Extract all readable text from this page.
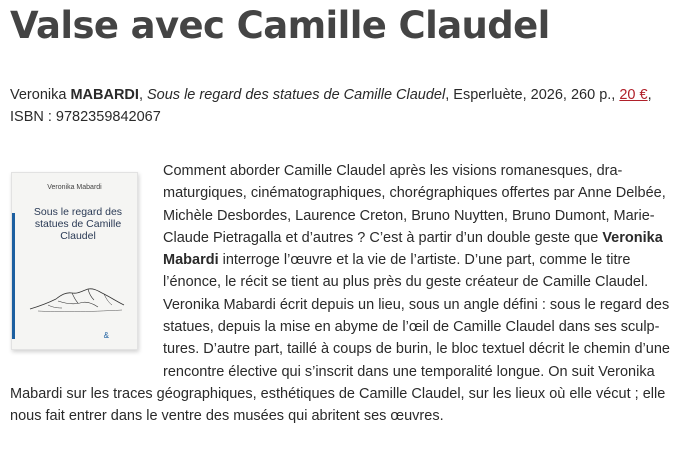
Valse avec Camille Claudel

Veronika MABARDI, Sous le regard des statues de Camille Claudel, Esperluète, 2026, 260 p., 20 €, ISBN : 9782359842067

Veronika Mabardi
Sous le regard des statues de Camille Claudel
&

Comment aborder Camille Claudel après les visions romanesques, dramaturgiques, cinématographiques, chorégraphiques offertes par Anne Delbée, Michèle Desbordes, Laurence Creton, Bruno Nuytten, Bruno Dumont, Marie-Claude Pietragalla et d’autres ? C’est à partir d’un double geste que Veronika Mabardi interroge l’œuvre et la vie de l’artiste. D’une part, comme le titre l’énonce, le récit se tient au plus près du geste créateur de Camille Claudel. Veronika Mabardi écrit depuis un lieu, sous un angle défini : sous le regard des statues, depuis la mise en abyme de l’œil de Camille Claudel dans ses sculptures. D’autre part, taillé à coups de burin, le bloc textuel décrit le chemin d’une rencontre élective qui s’inscrit dans une temporalité longue. On suit Veronika Mabardi sur les traces géographiques, esthétiques de Camille Claudel, sur les lieux où elle vécut ; elle nous fait entrer dans le ventre des musées qui abritent ses œuvres.
